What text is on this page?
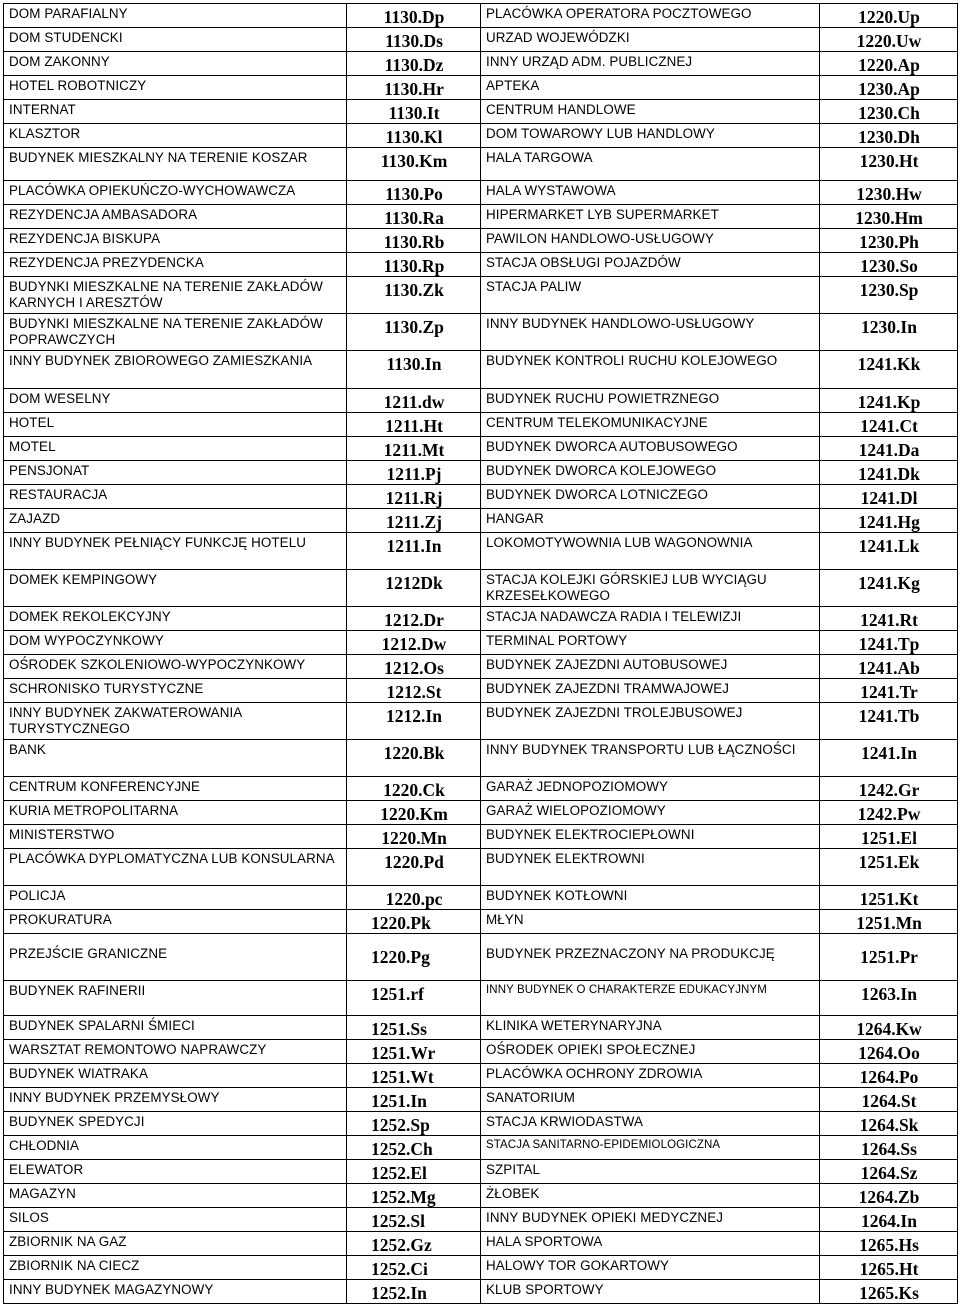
DOM PARAFIALNY	1130.Dp	PLACÓWKA OPERATORA POCZTOWEGO	1220.Up
DOM STUDENCKI	1130.Ds	URZAD WOJEWÓDZKI	1220.Uw
DOM ZAKONNY	1130.Dz	INNY URZĄD ADM. PUBLICZNEJ	1220.Ap
HOTEL ROBOTNICZY	1130.Hr	APTEKA	1230.Ap
INTERNAT	1130.It	CENTRUM HANDLOWE	1230.Ch
KLASZTOR	1130.Kl	DOM TOWAROWY LUB HANDLOWY	1230.Dh
BUDYNEK MIESZKALNY NA TERENIE KOSZAR	1130.Km	HALA TARGOWA	1230.Ht
PLACÓWKA OPIEKUŃCZO-WYCHOWAWCZA	1130.Po	HALA WYSTAWOWA	1230.Hw
REZYDENCJA AMBASADORA	1130.Ra	HIPERMARKET LYB SUPERMARKET	1230.Hm
REZYDENCJA BISKUPA	1130.Rb	PAWILON HANDLOWO-USŁUGOWY	1230.Ph
REZYDENCJA PREZYDENCKA	1130.Rp	STACJA OBSŁUGI POJAZDÓW	1230.So
BUDYNKI MIESZKALNE NA TERENIE ZAKŁADÓW KARNYCH I ARESZTÓW	1130.Zk	STACJA PALIW	1230.Sp
BUDYNKI MIESZKALNE NA TERENIE ZAKŁADÓW POPRAWCZYCH	1130.Zp	INNY BUDYNEK HANDLOWO-USŁUGOWY	1230.In
INNY BUDYNEK ZBIOROWEGO ZAMIESZKANIA	1130.In	BUDYNEK KONTROLI RUCHU KOLEJOWEGO	1241.Kk
DOM WESELNY	1211.dw	BUDYNEK RUCHU POWIETRZNEGO	1241.Kp
HOTEL	1211.Ht	CENTRUM TELEKOMUNIKACYJNE	1241.Ct
MOTEL	1211.Mt	BUDYNEK DWORCA AUTOBUSOWEGO	1241.Da
PENSJONAT	1211.Pj	BUDYNEK DWORCA KOLEJOWEGO	1241.Dk
RESTAURACJA	1211.Rj	BUDYNEK DWORCA LOTNICZEGO	1241.Dl
ZAJAZD	1211.Zj	HANGAR	1241.Hg
INNY BUDYNEK PEŁNIĄCY FUNKCJĘ HOTELU	1211.In	LOKOMOTYWOWNIA LUB WAGONOWNIA	1241.Lk
DOMEK KEMPINGOWY	1212Dk	STACJA KOLEJKI GÓRSKIEJ LUB WYCIĄGU KRZESEŁKOWEGO	1241.Kg
DOMEK REKOLEKCYJNY	1212.Dr	STACJA NADAWCZA RADIA I TELEWIZJI	1241.Rt
DOM WYPOCZYNKOWY	1212.Dw	TERMINAL PORTOWY	1241.Tp
OŚRODEK SZKOLENIOWO-WYPOCZYNKOWY	1212.Os	BUDYNEK ZAJEZDNI AUTOBUSOWEJ	1241.Ab
SCHRONISKO TURYSTYCZNE	1212.St	BUDYNEK ZAJEZDNI TRAMWAJOWEJ	1241.Tr
INNY BUDYNEK ZAKWATEROWANIA TURYSTYCZNEGO	1212.In	BUDYNEK ZAJEZDNI TROLEJBUSOWEJ	1241.Tb
BANK	1220.Bk	INNY BUDYNEK TRANSPORTU LUB ŁĄCZNOŚCI	1241.In
CENTRUM KONFERENCYJNE	1220.Ck	GARAŻ JEDNOPOZIOMOWY	1242.Gr
KURIA METROPOLITARNA	1220.Km	GARAŻ WIELOPOZIOMOWY	1242.Pw
MINISTERSTWO	1220.Mn	BUDYNEK ELEKTROCIEPŁOWNI	1251.El
PLACÓWKA DYPLOMATYCZNA LUB KONSULARNA	1220.Pd	BUDYNEK ELEKTROWNI	1251.Ek
POLICJA	1220.pc	BUDYNEK KOTŁOWNI	1251.Kt
PROKURATURA	1220.Pk	MŁYN	1251.Mn
PRZEJŚCIE GRANICZNE	1220.Pg	BUDYNEK PRZEZNACZONY NA PRODUKCJĘ	1251.Pr
BUDYNEK RAFINERII	1251.rf	INNY BUDYNEK O CHARAKTERZE EDUKACYJNYM	1263.In
BUDYNEK SPALARNI ŚMIECI	1251.Ss	KLINIKA WETERYNARYJNA	1264.Kw
WARSZTAT REMONTOWO NAPRAWCZY	1251.Wr	OŚRODEK OPIEKI SPOŁECZNEJ	1264.Oo
BUDYNEK WIATRAKA	1251.Wt	PLACÓWKA OCHRONY ZDROWIA	1264.Po
INNY BUDYNEK PRZEMYSŁOWY	1251.In	SANATORIUM	1264.St
BUDYNEK SPEDYCJI	1252.Sp	STACJA KRWIODASTWA	1264.Sk
CHŁODNIA	1252.Ch	STACJA SANITARNO-EPIDEMIOLOGICZNA	1264.Ss
ELEWATOR	1252.El	SZPITAL	1264.Sz
MAGAZYN	1252.Mg	ŻŁOBEK	1264.Zb
SILOS	1252.Sl	INNY BUDYNEK OPIEKI MEDYCZNEJ	1264.In
ZBIORNIK NA GAZ	1252.Gz	HALA SPORTOWA	1265.Hs
ZBIORNIK NA CIECZ	1252.Ci	HALOWY TOR GOKARTOWY	1265.Ht
INNY BUDYNEK MAGAZYNOWY	1252.In	KLUB SPORTOWY	1265.Ks
